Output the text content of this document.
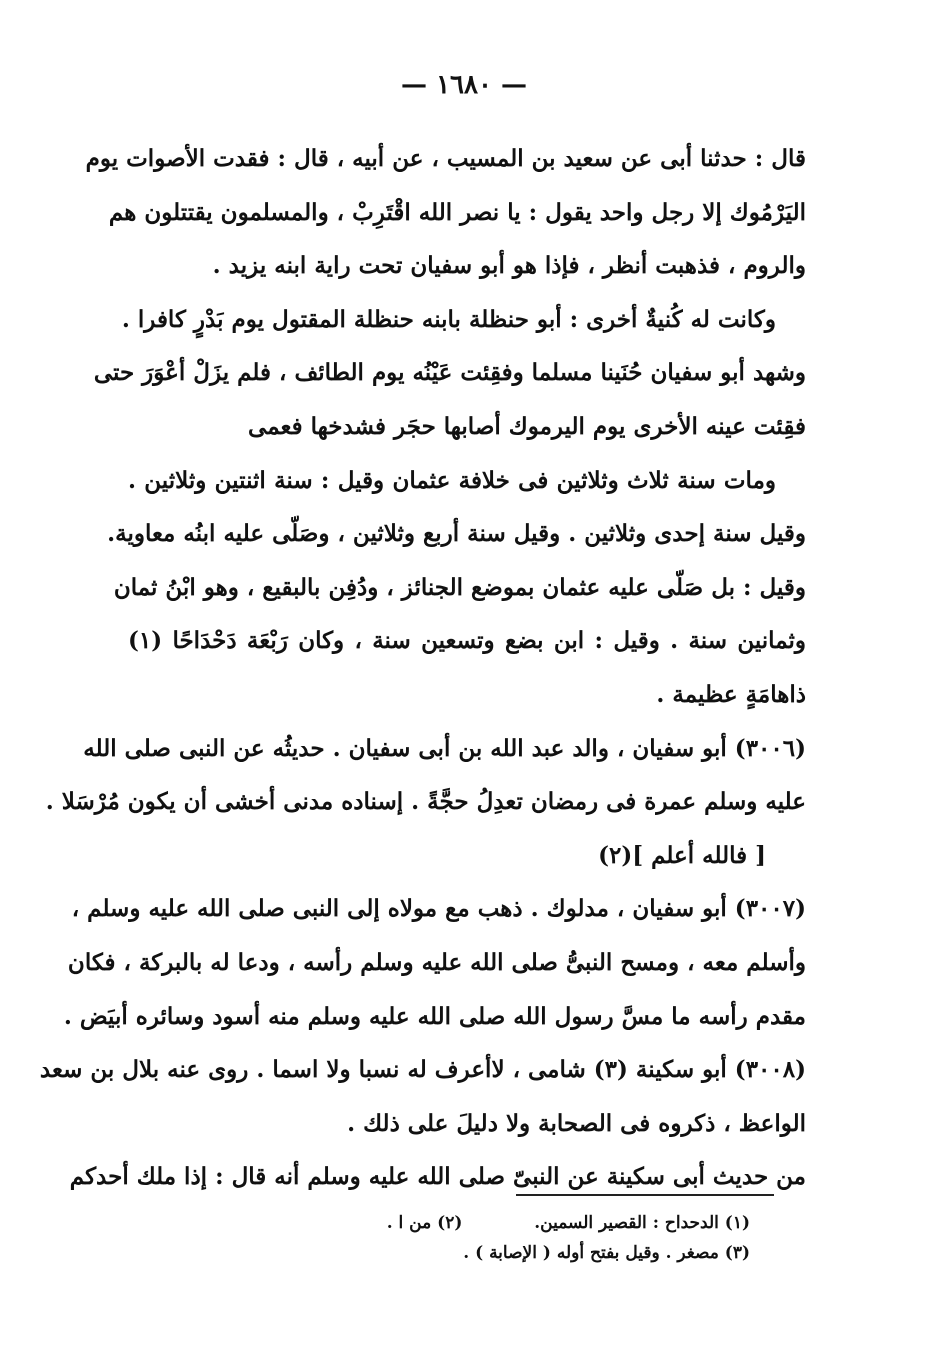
— ١٦٨٠ —
قال : حدثنا أبى عن سعيد بن المسيب ، عن أبيه ، قال : فقدت الأصوات يوم
اليَرْمُوك إلا رجل واحد يقول : يا نصر الله اقْتَرِبْ ، والمسلمون يقتتلون هم
والروم ، فذهبت أنظر ، فإذا هو أبو سفيان تحت راية ابنه يزيد .
وكانت له كُنيةٌ أخرى : أبو حنظلة بابنه حنظلة المقتول يوم بَدْرٍ كافرا .
وشهد أبو سفيان حُنَينا مسلما وفقِئت عَيْنُه يوم الطائف ، فلم يزَلْ أعْوَرَ حتى
فقِئت عينه الأخرى يوم اليرموك أصابها حجَر فشدخها فعمى
ومات سنة ثلاث وثلاثين فى خلافة عثمان وقيل : سنة اثنتين وثلاثين .
وقيل سنة إحدى وثلاثين . وقيل سنة أربع وثلاثين ، وصَلّى عليه ابنُه معاوية.
وقيل : بل صَلّى عليه عثمان بموضع الجنائز ، ودُفِن بالبقيع ، وهو ابْنُ ثمان
وثمانين سنة . وقيل : ابن بضع وتسعين سنة ، وكان رَبْعَة دَحْدَاحًا (١)
ذاهامَةٍ عظيمة .
(٣٠٠٦) أبو سفيان ، والد عبد الله بن أبى سفيان . حديثُه عن النبى صلى الله
عليه وسلم عمرة فى رمضان تعدِلُ حجَّةً . إسناده مدنى أخشى أن يكون مُرْسَلا .
[ فالله أعلم ](٢)
(٣٠٠٧) أبو سفيان ، مدلوك . ذهب مع مولاه إلى النبى صلى الله عليه وسلم ،
وأسلم معه ، ومسح النبىُّ صلى الله عليه وسلم رأسه ، ودعا له بالبركة ، فكان
مقدم رأسه ما مسَّ رسول الله صلى الله عليه وسلم منه أسود وسائره أبيَض .
(٣٠٠٨) أبو سكينة (٣) شامى ، لاأعرف له نسبا ولا اسما . روى عنه بلال بن سعد
الواعظ ، ذكروه فى الصحابة ولا دليلَ على ذلك .
من حديث أبى سكينة عن النبىّ صلى الله عليه وسلم أنه قال : إذا ملك أحدكم
(١) الدحداح : القصير السمين.  (٢) من ا .
(٣) مصغر . وقيل بفتح أوله ( الإصابة ) .
